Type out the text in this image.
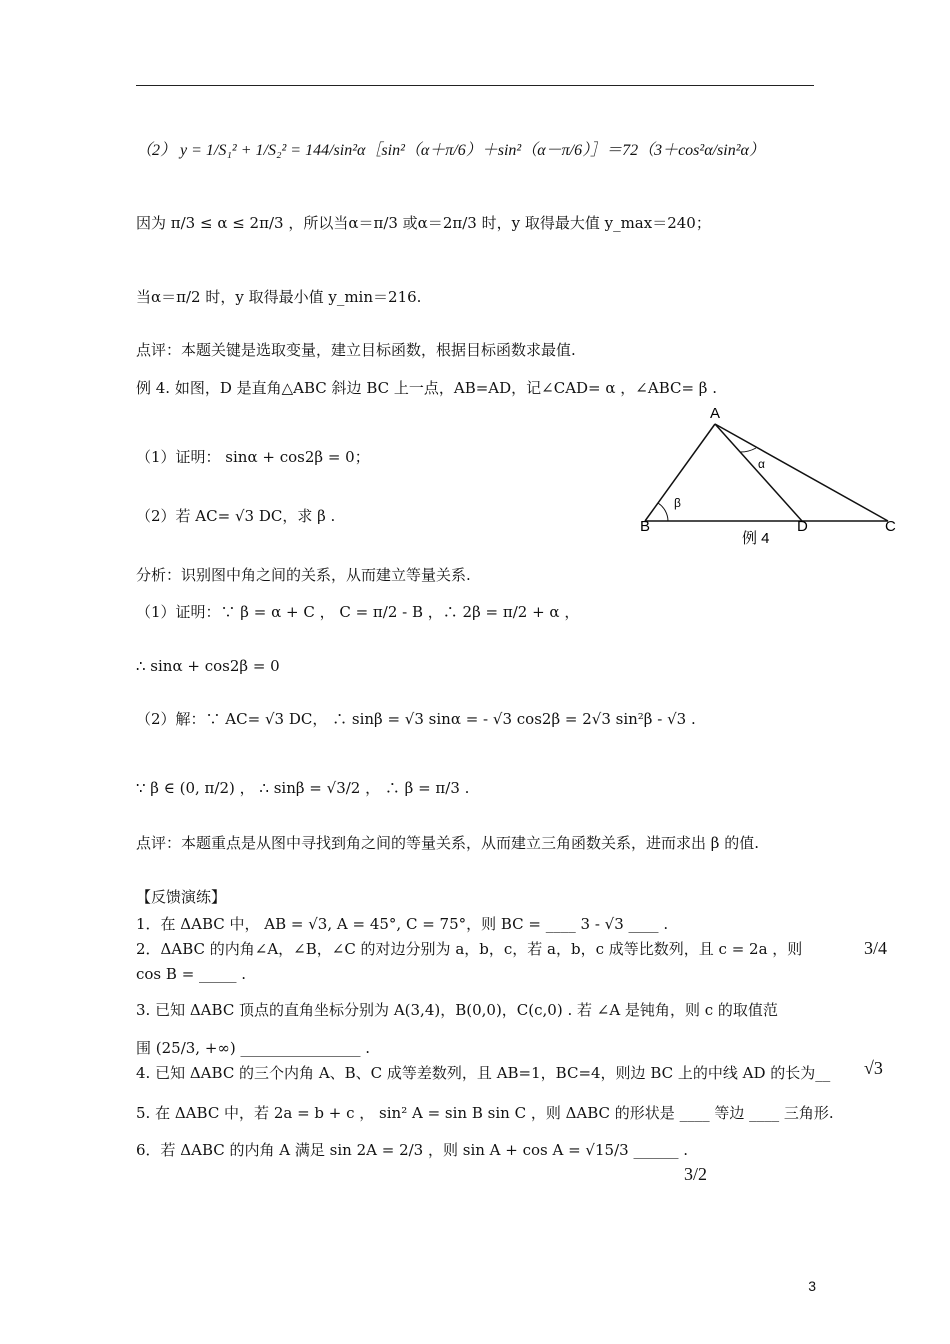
（2） y = 1/S₁² + 1/S₂² = 144/sin²α［sin²（α＋π/6）＋sin²（α－π/6）］＝72（3＋cos²α/sin²α）
因为 π/3 ≤ α ≤ 2π/3 ，所以当α＝π/3 或α＝2π/3 时，y 取得最大值 y_max＝240；
当α＝π/2 时，y 取得最小值 y_min＝216.
点评：本题关键是选取变量，建立目标函数，根据目标函数求最值.
例 4. 如图，D 是直角△ABC 斜边 BC 上一点，AB=AD，记∠CAD= α ，∠ABC= β .
（1）证明： sinα + cos2β = 0；
（2）若 AC= √3 DC，求 β .
分析：识别图中角之间的关系，从而建立等量关系.
（1）证明：∵ β = α + C ， C = π/2 - B ，∴ 2β = π/2 + α ，
∴ sinα + cos2β = 0
（2）解：∵ AC= √3 DC， ∴ sinβ = √3 sinα = - √3 cos2β = 2√3 sin²β - √3 .
∵ β ∈ (0, π/2) ， ∴ sinβ = √3/2 ， ∴ β = π/3 .
点评：本题重点是从图中寻找到角之间的等量关系，从而建立三角函数关系，进而求出 β 的值.
【反馈演练】
1．在 ΔABC 中， AB = √3, A = 45°, C = 75°，则 BC = ____ 3 - √3 ____ .
2．ΔABC 的内角∠A，∠B，∠C 的对边分别为 a，b，c，若 a，b，c 成等比数列，且 c = 2a ，则
cos B = _____ .
3. 已知 ΔABC 顶点的直角坐标分别为 A(3,4)，B(0,0)，C(c,0) . 若 ∠A 是钝角，则 c 的取值范
围 (25/3, +∞) ________________ .
4. 已知 ΔABC 的三个内角 A、B、C 成等差数列，且 AB=1，BC=4，则边 BC 上的中线 AD 的长为__
5. 在 ΔABC 中，若 2a = b + c ， sin² A = sin B sin C ，则 ΔABC 的形状是 ____ 等边 ____ 三角形.
6．若 ΔABC 的内角 A 满足 sin 2A = 2/3 ，则 sin A + cos A = √15/3 ______ .
3/4
√3
3/2
A
B	D	C
α
β
例 4
3
